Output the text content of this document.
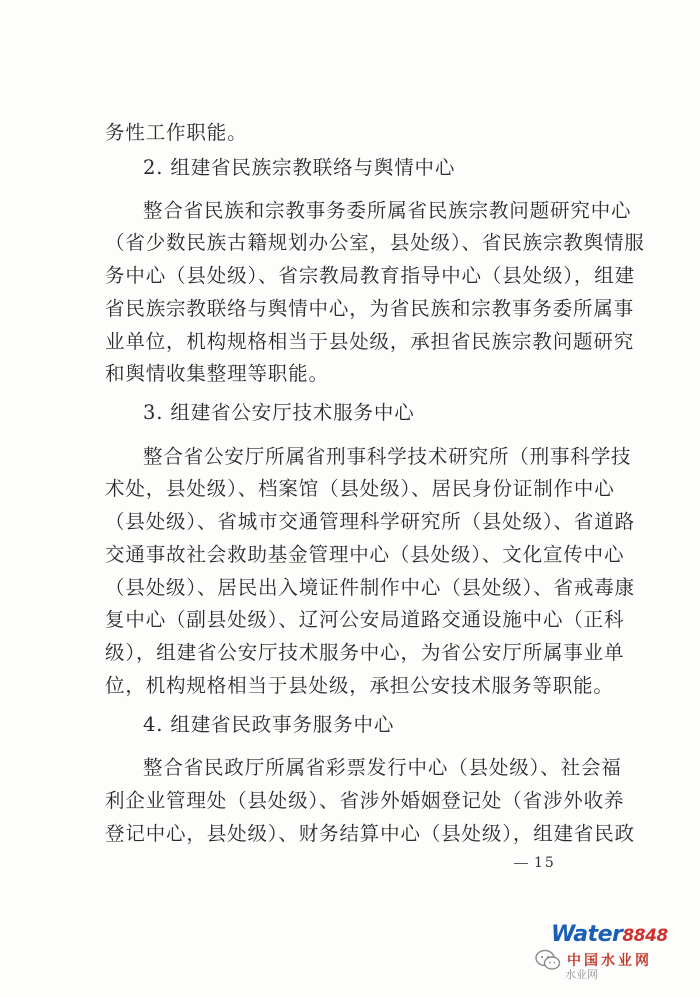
务性工作职能。
2. 组建省民族宗教联络与舆情中心
整合省民族和宗教事务委所属省民族宗教问题研究中心
（省少数民族古籍规划办公室，县处级）、省民族宗教舆情服
务中心（县处级）、省宗教局教育指导中心（县处级），组建
省民族宗教联络与舆情中心，为省民族和宗教事务委所属事
业单位，机构规格相当于县处级，承担省民族宗教问题研究
和舆情收集整理等职能。
3. 组建省公安厅技术服务中心
整合省公安厅所属省刑事科学技术研究所（刑事科学技
术处，县处级）、档案馆（县处级）、居民身份证制作中心
（县处级）、省城市交通管理科学研究所（县处级）、省道路
交通事故社会救助基金管理中心（县处级）、文化宣传中心
（县处级）、居民出入境证件制作中心（县处级）、省戒毒康
复中心（副县处级）、辽河公安局道路交通设施中心（正科
级），组建省公安厅技术服务中心，为省公安厅所属事业单
位，机构规格相当于县处级，承担公安技术服务等职能。
4. 组建省民政事务服务中心
整合省民政厅所属省彩票发行中心（县处级）、社会福
利企业管理处（县处级）、省涉外婚姻登记处（省涉外收养
登记中心，县处级）、财务结算中心（县处级），组建省民政
15
Water8848
水业网
中国水业网
